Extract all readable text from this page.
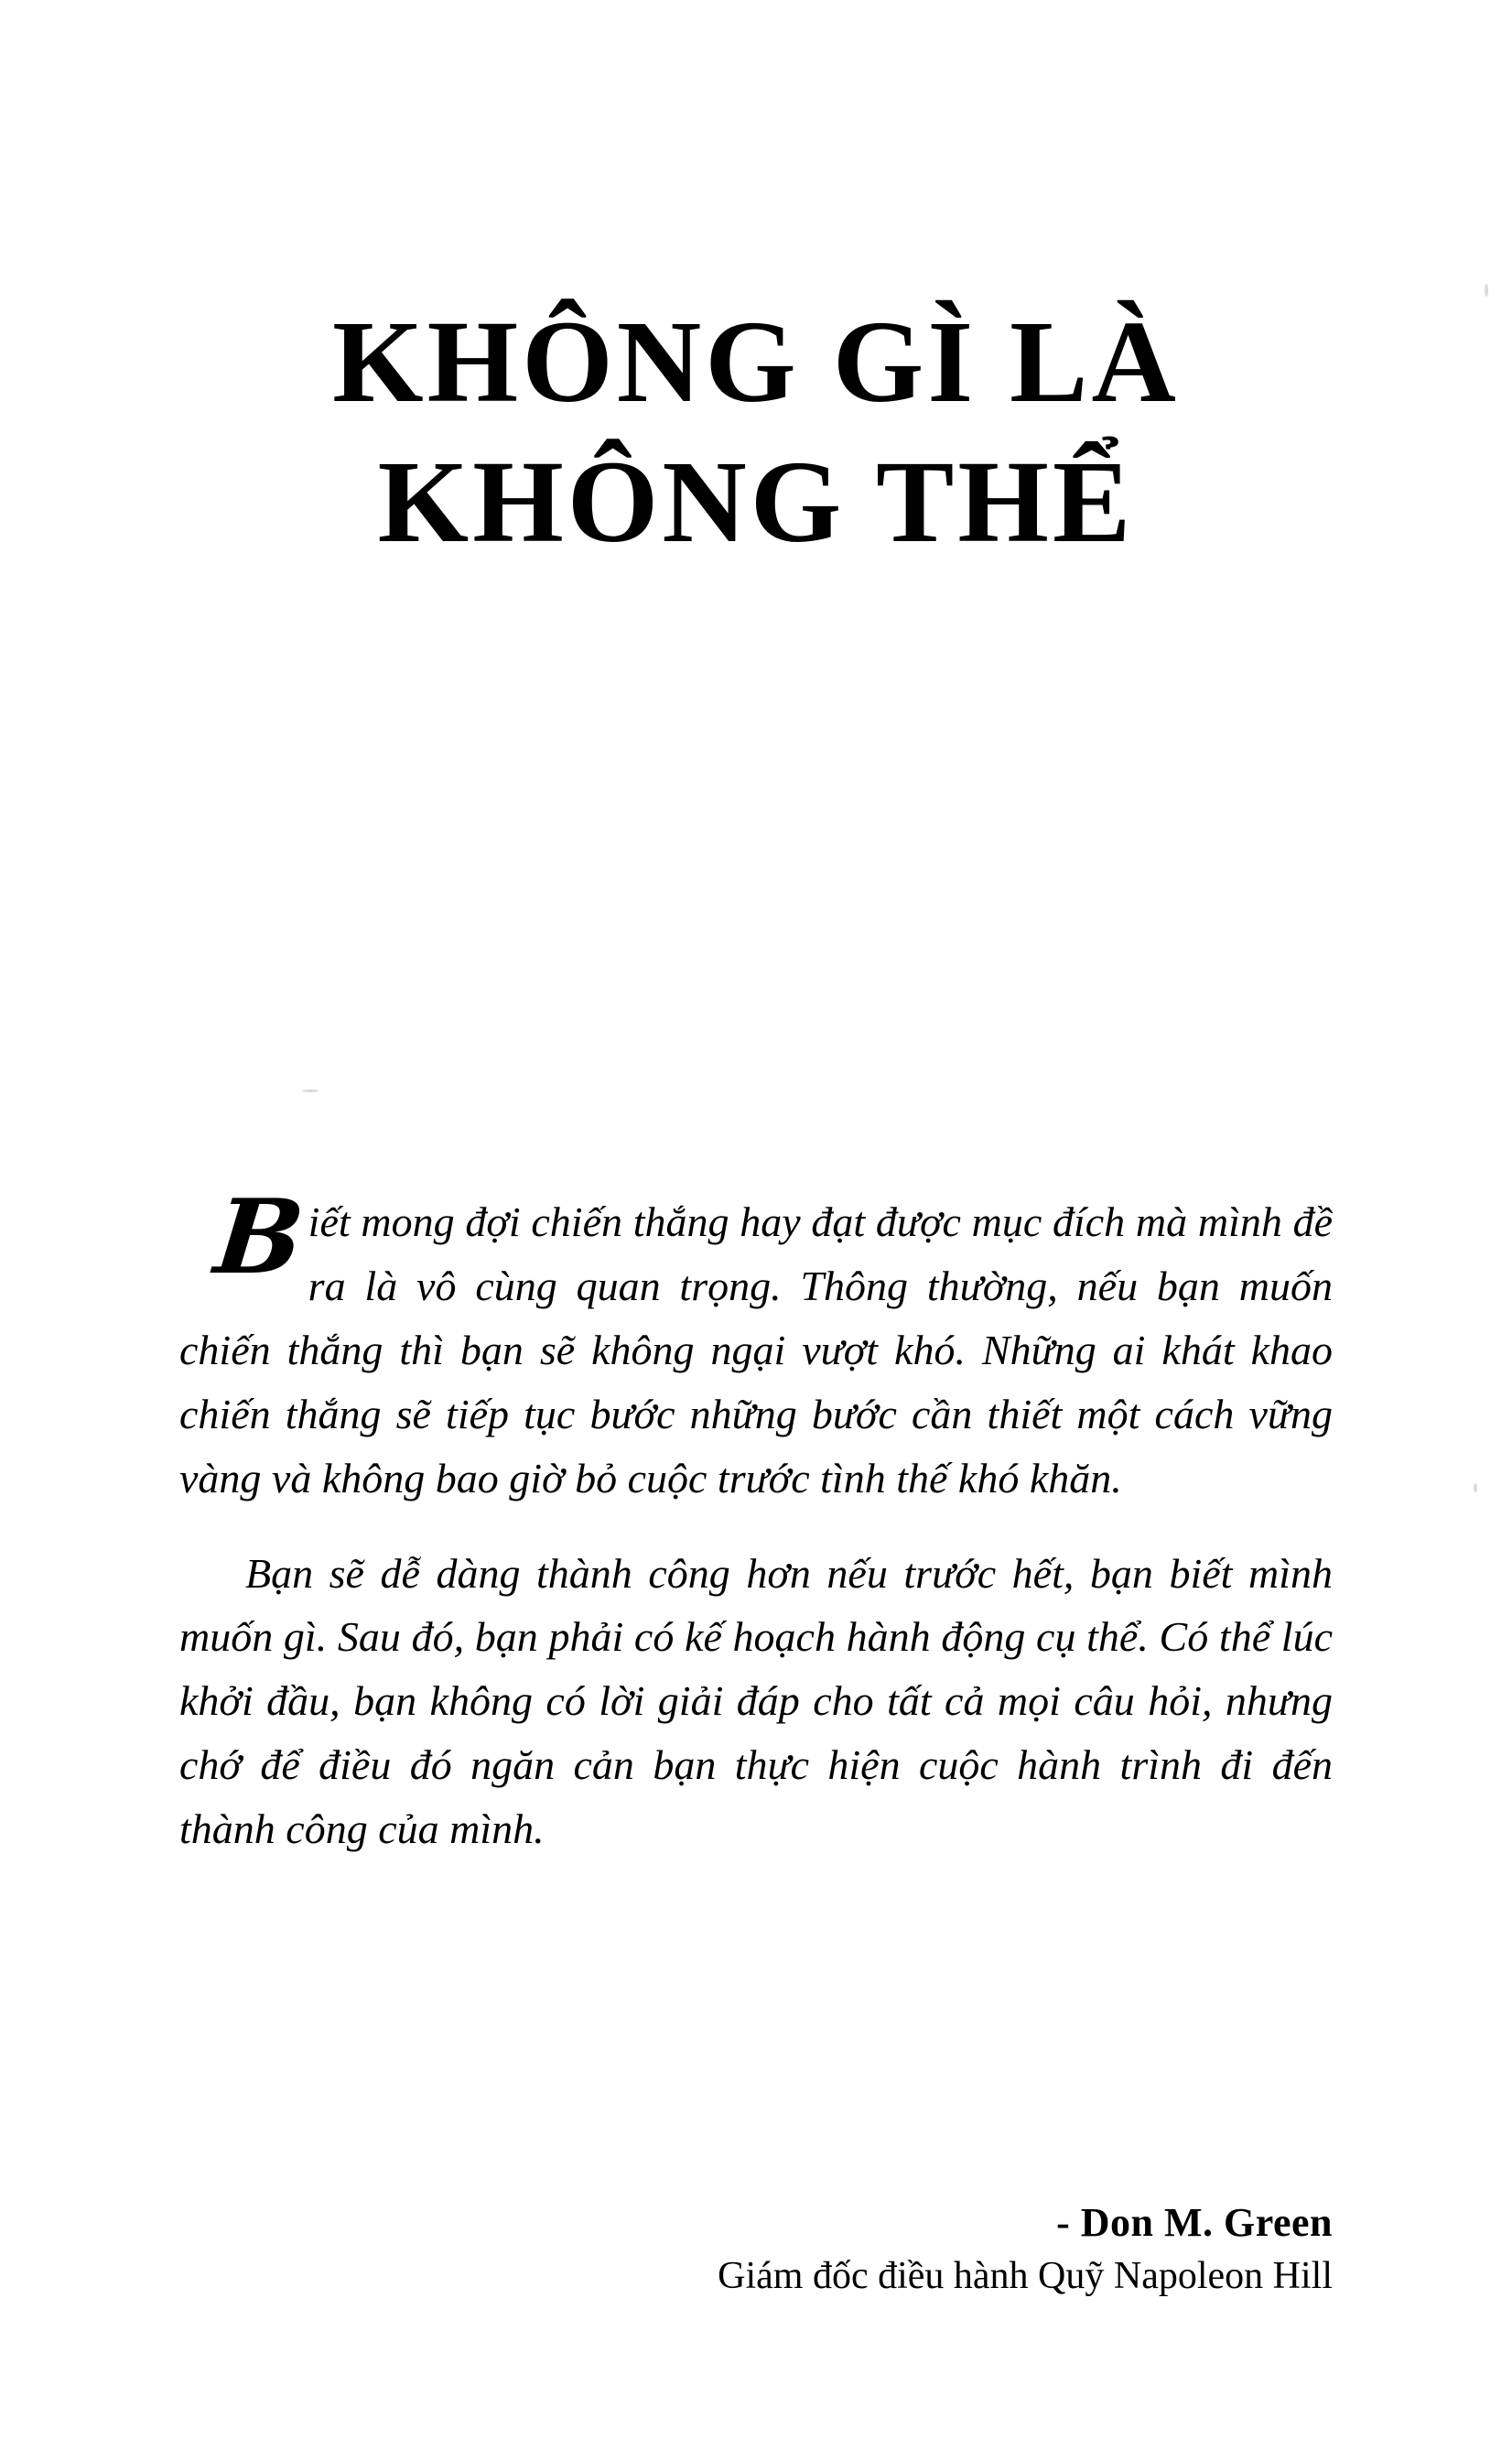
KHÔNG GÌ LÀ
KHÔNG THỂ

Biết mong đợi chiến thắng hay đạt được mục đích mà mình đề ra là vô cùng quan trọng. Thông thường, nếu bạn muốn chiến thắng thì bạn sẽ không ngại vượt khó. Những ai khát khao chiến thắng sẽ tiếp tục bước những bước cần thiết một cách vững vàng và không bao giờ bỏ cuộc trước tình thế khó khăn.

Bạn sẽ dễ dàng thành công hơn nếu trước hết, bạn biết mình muốn gì. Sau đó, bạn phải có kế hoạch hành động cụ thể. Có thể lúc khởi đầu, bạn không có lời giải đáp cho tất cả mọi câu hỏi, nhưng chớ để điều đó ngăn cản bạn thực hiện cuộc hành trình đi đến thành công của mình.

- Don M. Green
Giám đốc điều hành Quỹ Napoleon Hill
